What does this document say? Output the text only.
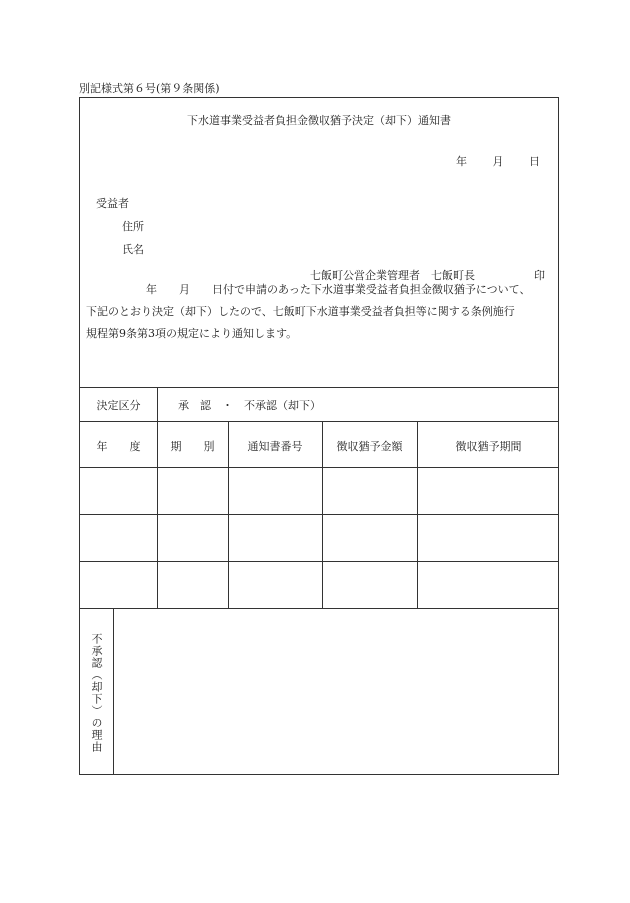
別記様式第６号(第９条関係)
下水道事業受益者負担金徴収猶予決定（却下）通知書
年 月 日
受益者
住所
氏名
七飯町公営企業管理者　七飯町長	印
年　　月　　日付で申請のあった下水道事業受益者負担金徴収猶予について、
下記のとおり決定（却下）したので、七飯町下水道事業受益者負担等に関する条例施行
規程第9条第3項の規定により通知します。
決定区分	承　認　・　不承認（却下）
年　　度	期　　別	通知書番号	徴収猶予金額	徴収猶予期間
不承認（却下）の理由
